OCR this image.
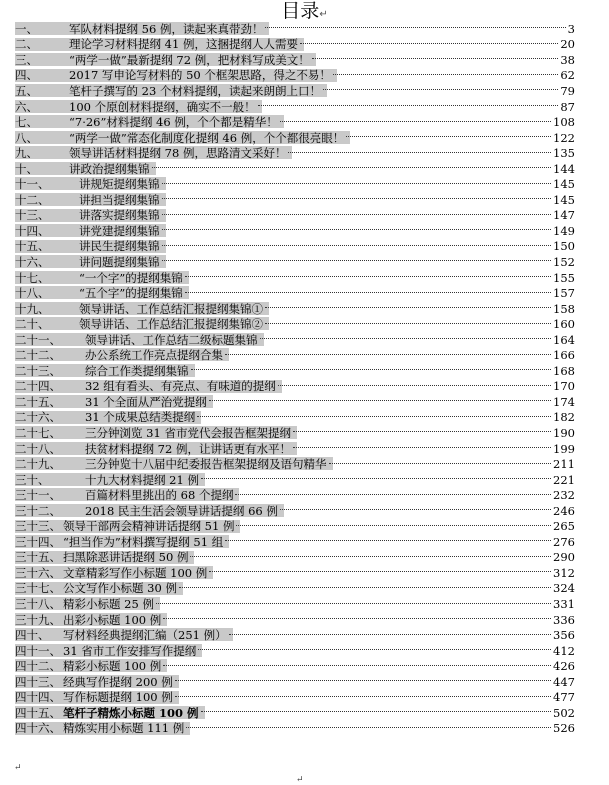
目录↵
一、	军队材料提纲 56 例，读起来真带劲！	3
二、	理论学习材料提纲 41 例，这捆提纲人人需要	20
三、	“两学一做”最新提纲 72 例，把材料写成美文！	38
四、	2017 写申论写材料的 50 个框架思路，得之不易！	62
五、	笔杆子撰写的 23 个材料提纲，读起来朗朗上口！	79
六、	100 个原创材料提纲，确实不一般！	87
七、	“7·26”材料提纲 46 例，个个都是精华！	108
八、	“两学一做”常态化制度化提纲 46 例，个个都很亮眼！	122
九、	领导讲话材料提纲 78 例，思路清文采好！	135
十、	讲政治提纲集锦	144
十一、	讲规矩提纲集锦	145
十二、	讲担当提纲集锦	145
十三、	讲落实提纲集锦	147
十四、	讲党建提纲集锦	149
十五、	讲民生提纲集锦	150
十六、	讲问题提纲集锦	152
十七、	“一个字”的提纲集锦	155
十八、	“五个字”的提纲集锦	157
十九、	领导讲话、工作总结汇报提纲集锦①	158
二十、	领导讲话、工作总结汇报提纲集锦②	160
二十一、	领导讲话、工作总结二级标题集锦	164
二十二、	办公系统工作亮点提纲合集	166
二十三、	综合工作类提纲集锦	168
二十四、	32 组有看头、有亮点、有味道的提纲	170
二十五、	31 个全面从严治党提纲	174
二十六、	31 个成果总结类提纲	182
二十七、	三分钟浏览 31 省市党代会报告框架提纲	190
二十八、	扶贫材料提纲 72 例，让讲话更有水平！	199
二十九、	三分钟览十八届中纪委报告框架提纲及语句精华	211
三十、	十九大材料提纲 21 例	221
三十一、	百篇材料里挑出的 68 个提纲	232
三十二、	2018 民主生活会领导讲话提纲 66 例	246
三十三、 领导干部两会精神讲话提纲 51 例	265
三十四、 “担当作为”材料撰写提纲 51 组	276
三十五、 扫黑除恶讲话提纲 50 例	290
三十六、 文章精彩写作小标题 100 例	312
三十七、 公文写作小标题 30 例	324
三十八、 精彩小标题 25 例	331
三十九、 出彩小标题 100 例	336
四十、	写材料经典提纲汇编（251 例）	356
四十一、 31 省市工作安排写作提纲	412
四十二、 精彩小标题 100 例	426
四十三、 经典写作提纲 200 例	447
四十四、 写作标题提纲 100 例	477
四十五、 笔杆子精炼小标题 100 例	502
四十六、 精炼实用小标题 111 例	526
↵
↵
